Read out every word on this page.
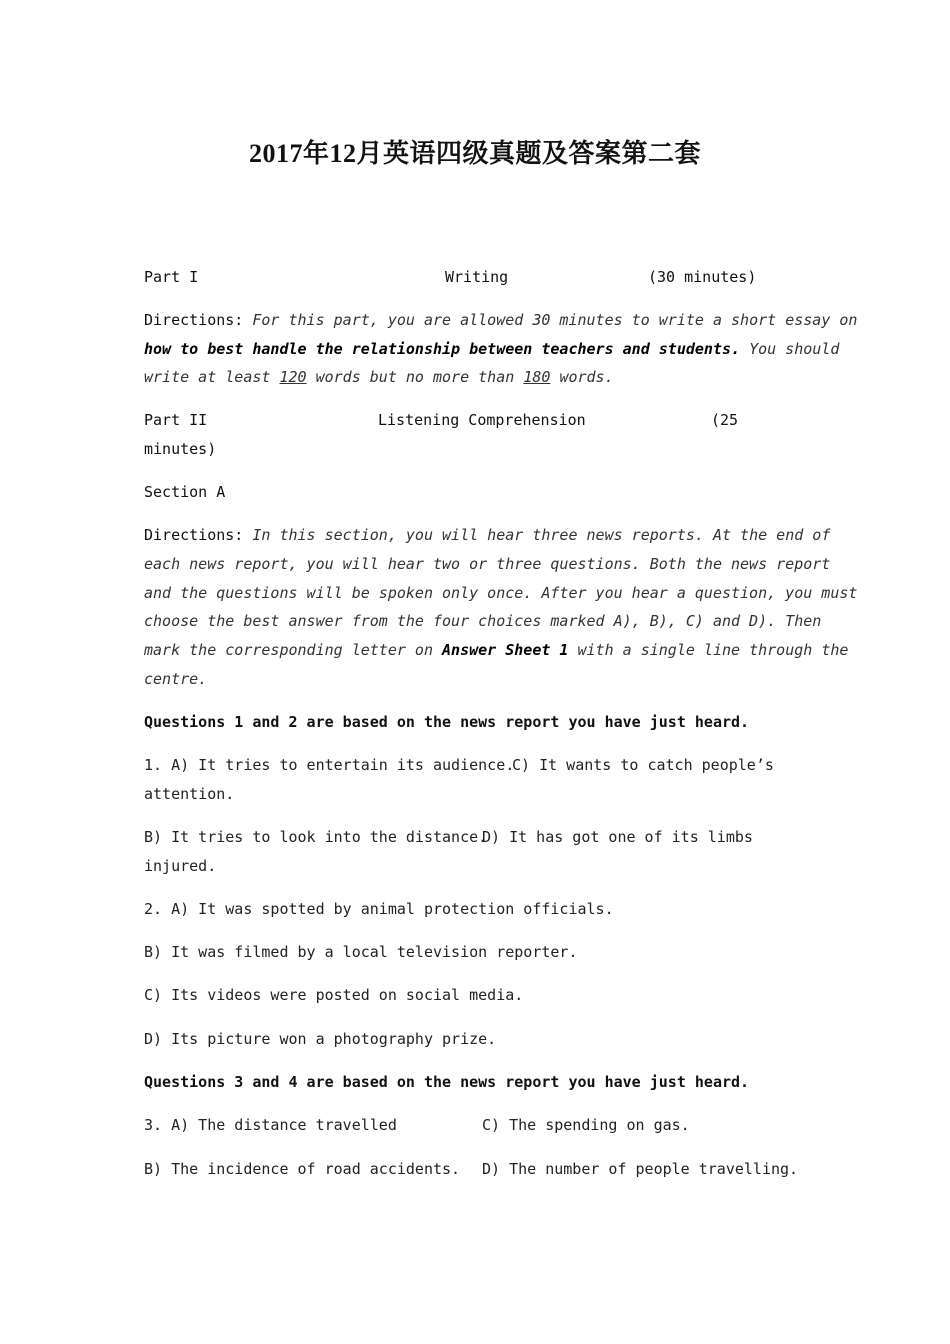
2017年12月英语四级真题及答案第二套
Part I	Writing	(30 minutes)
Directions: For this part, you are allowed 30 minutes to write a short essay on
how to best handle the relationship between teachers and students. You should
write at least 120 words but no more than 180 words.
Part II	Listening Comprehension	(25
minutes)
Section A
Directions: In this section, you will hear three news reports. At the end of
each news report, you will hear two or three questions. Both the news report
and the questions will be spoken only once. After you hear a question, you must
choose the best answer from the four choices marked A), B), C) and D). Then
mark the corresponding letter on Answer Sheet 1 with a single line through the
centre.
Questions 1 and 2 are based on the news report you have just heard.
1. A) It tries to entertain its audience.
C) It wants to catch people’s
attention.
B) It tries to look into the distance.
D) It has got one of its limbs
injured.
2. A) It was spotted by animal protection officials.
B) It was filmed by a local television reporter.
C) Its videos were posted on social media.
D) Its picture won a photography prize.
Questions 3 and 4 are based on the news report you have just heard.
3. A) The distance travelled	C) The spending on gas.
B) The incidence of road accidents. D) The number of people travelling.
